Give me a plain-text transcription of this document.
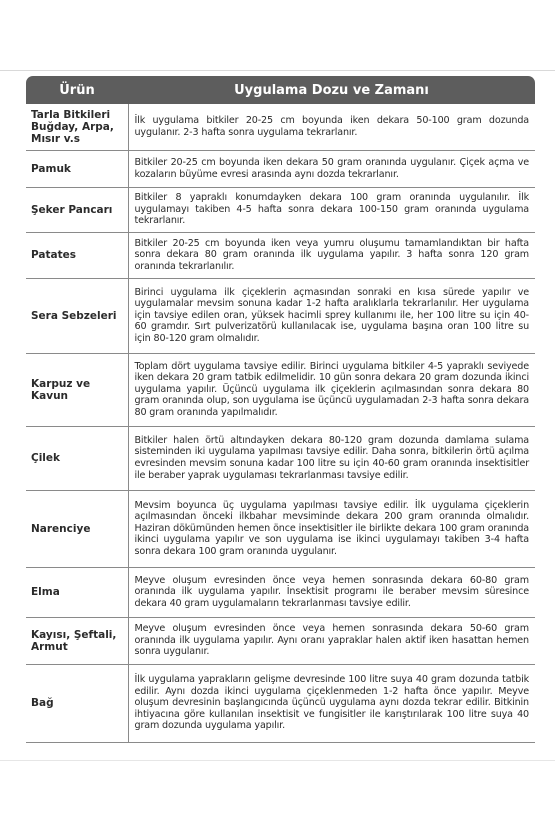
Ürün	Uygulama Dozu ve Zamanı
Tarla Bitkileri Buğday, Arpa, Mısır v.s	İlk uygulama bitkiler 20-25 cm boyunda iken dekara 50-100 gram dozunda uygulanır. 2-3 hafta sonra uygulama tekrarlanır.
Pamuk	Bitkiler 20-25 cm boyunda iken dekara 50 gram oranında uygulanır. Çiçek açma ve kozaların büyüme evresi arasında aynı dozda tekrarlanır.
Şeker Pancarı	Bitkiler 8 yapraklı konumdayken dekara 100 gram oranında uygulanılır. İlk uygulamayı takiben 4-5 hafta sonra dekara 100-150 gram oranında uygulama tekrarlanır.
Patates	Bitkiler 20-25 cm boyunda iken veya yumru oluşumu tamamlandıktan bir hafta sonra dekara 80 gram oranında ilk uygulama yapılır. 3 hafta sonra 120 gram oranında tekrarlanılır.
Sera Sebzeleri	Birinci uygulama ilk çiçeklerin açmasından sonraki en kısa sürede yapılır ve uygulamalar mevsim sonuna kadar 1-2 hafta aralıklarla tekrarlanılır. Her uygulama için tavsiye edilen oran, yüksek hacimli sprey kullanımı ile, her 100 litre su için 40-60 gramdır. Sırt pulverizatörü kullanılacak ise, uygulama başına oran 100 litre su için 80-120 gram olmalıdır.
Karpuz ve Kavun	Toplam dört uygulama tavsiye edilir. Birinci uygulama bitkiler 4-5 yapraklı seviyede iken dekara 20 gram tatbik edilmelidir. 10 gün sonra dekara 20 gram dozunda ikinci uygulama yapılır. Üçüncü uygulama ilk çiçeklerin açılmasından sonra dekara 80 gram oranında olup, son uygulama ise üçüncü uygulamadan 2-3 hafta sonra dekara 80 gram oranında yapılmalıdır.
Çilek	Bitkiler halen örtü altındayken dekara 80-120 gram dozunda damlama sulama sisteminden iki uygulama yapılması tavsiye edilir. Daha sonra, bitkilerin örtü açılma evresinden mevsim sonuna kadar 100 litre su için 40-60 gram oranında insektisitler ile beraber yaprak uygulaması tekrarlanması tavsiye edilir.
Narenciye	Mevsim boyunca üç uygulama yapılması tavsiye edilir. İlk uygulama çiçeklerin açılmasından önceki ilkbahar mevsiminde dekara 200 gram oranında olmalıdır. Haziran dökümünden hemen önce insektisitler ile birlikte dekara 100 gram oranında ikinci uygulama yapılır ve son uygulama ise ikinci uygulamayı takiben 3-4 hafta sonra dekara 100 gram oranında uygulanır.
Elma	Meyve oluşum evresinden önce veya hemen sonrasında dekara 60-80 gram oranında ilk uygulama yapılır. İnsektisit programı ile beraber mevsim süresince dekara 40 gram uygulamaların tekrarlanması tavsiye edilir.
Kayısı, Şeftali, Armut	Meyve oluşum evresinden önce veya hemen sonrasında dekara 50-60 gram oranında ilk uygulama yapılır. Aynı oranı yapraklar halen aktif iken hasattan hemen sonra uygulanır.
Bağ	İlk uygulama yaprakların gelişme devresinde 100 litre suya 40 gram dozunda tatbik edilir. Aynı dozda ikinci uygulama çiçeklenmeden 1-2 hafta önce yapılır. Meyve oluşum devresinin başlangıcında üçüncü uygulama aynı dozda tekrar edilir. Bitkinin ihtiyacına göre kullanılan insektisit ve fungisitler ile karıştırılarak 100 litre suya 40 gram dozunda uygulama yapılır.
